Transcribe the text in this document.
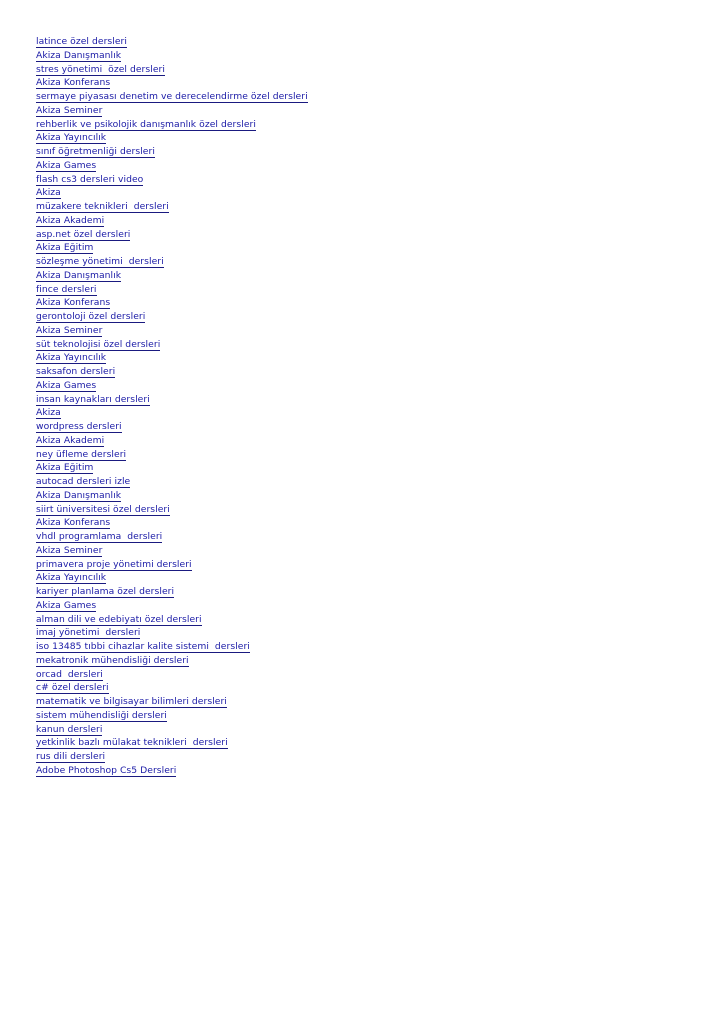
latince özel dersleri
Akiza Danışmanlık
stres yönetimi  özel dersleri
Akiza Konferans
sermaye piyasası denetim ve derecelendirme özel dersleri
Akiza Seminer
rehberlik ve psikolojik danışmanlık özel dersleri
Akiza Yayıncılık
sınıf öğretmenliği dersleri
Akiza Games
flash cs3 dersleri video
Akiza
müzakere teknikleri  dersleri
Akiza Akademi
asp.net özel dersleri
Akiza Eğitim
sözleşme yönetimi  dersleri
Akiza Danışmanlık
fince dersleri
Akiza Konferans
gerontoloji özel dersleri
Akiza Seminer
süt teknolojisi özel dersleri
Akiza Yayıncılık
saksafon dersleri
Akiza Games
insan kaynakları dersleri
Akiza
wordpress dersleri
Akiza Akademi
ney üfleme dersleri
Akiza Eğitim
autocad dersleri izle
Akiza Danışmanlık
siirt üniversitesi özel dersleri
Akiza Konferans
vhdl programlama  dersleri
Akiza Seminer
primavera proje yönetimi dersleri
Akiza Yayıncılık
kariyer planlama özel dersleri
Akiza Games
alman dili ve edebiyatı özel dersleri
imaj yönetimi  dersleri
iso 13485 tıbbi cihazlar kalite sistemi  dersleri
mekatronik mühendisliği dersleri
orcad  dersleri
c# özel dersleri
matematik ve bilgisayar bilimleri dersleri
sistem mühendisliği dersleri
kanun dersleri
yetkinlik bazlı mülakat teknikleri  dersleri
rus dili dersleri
Adobe Photoshop Cs5 Dersleri
